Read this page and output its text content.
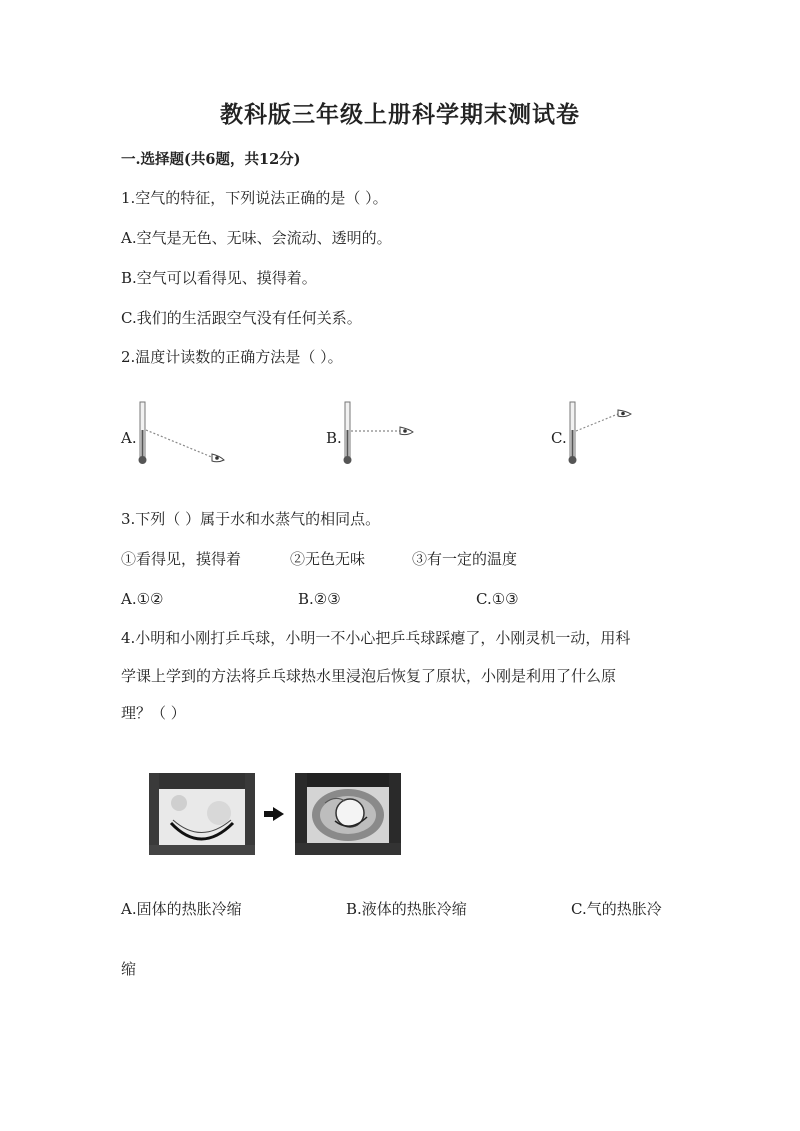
教科版三年级上册科学期末测试卷
一.选择题(共6题，共12分)
1.空气的特征，下列说法正确的是（ ）。
A.空气是无色、无味、会流动、透明的。
B.空气可以看得见、摸得着。
C.我们的生活跟空气没有任何关系。
2.温度计读数的正确方法是（ ）。
A.	B.	C.
3.下列（ ）属于水和水蒸气的相同点。
①看得见，摸得着	②无色无味	③有一定的温度
A.①②	B.②③	C.①③
4.小明和小刚打乒乓球，小明一不小心把乒乓球踩瘪了，小刚灵机一动，用科
学课上学到的方法将乒乓球热水里浸泡后恢复了原状，小刚是利用了什么原
理？（ ）
A.固体的热胀冷缩	B.液体的热胀冷缩	C.气的热胀冷
缩
